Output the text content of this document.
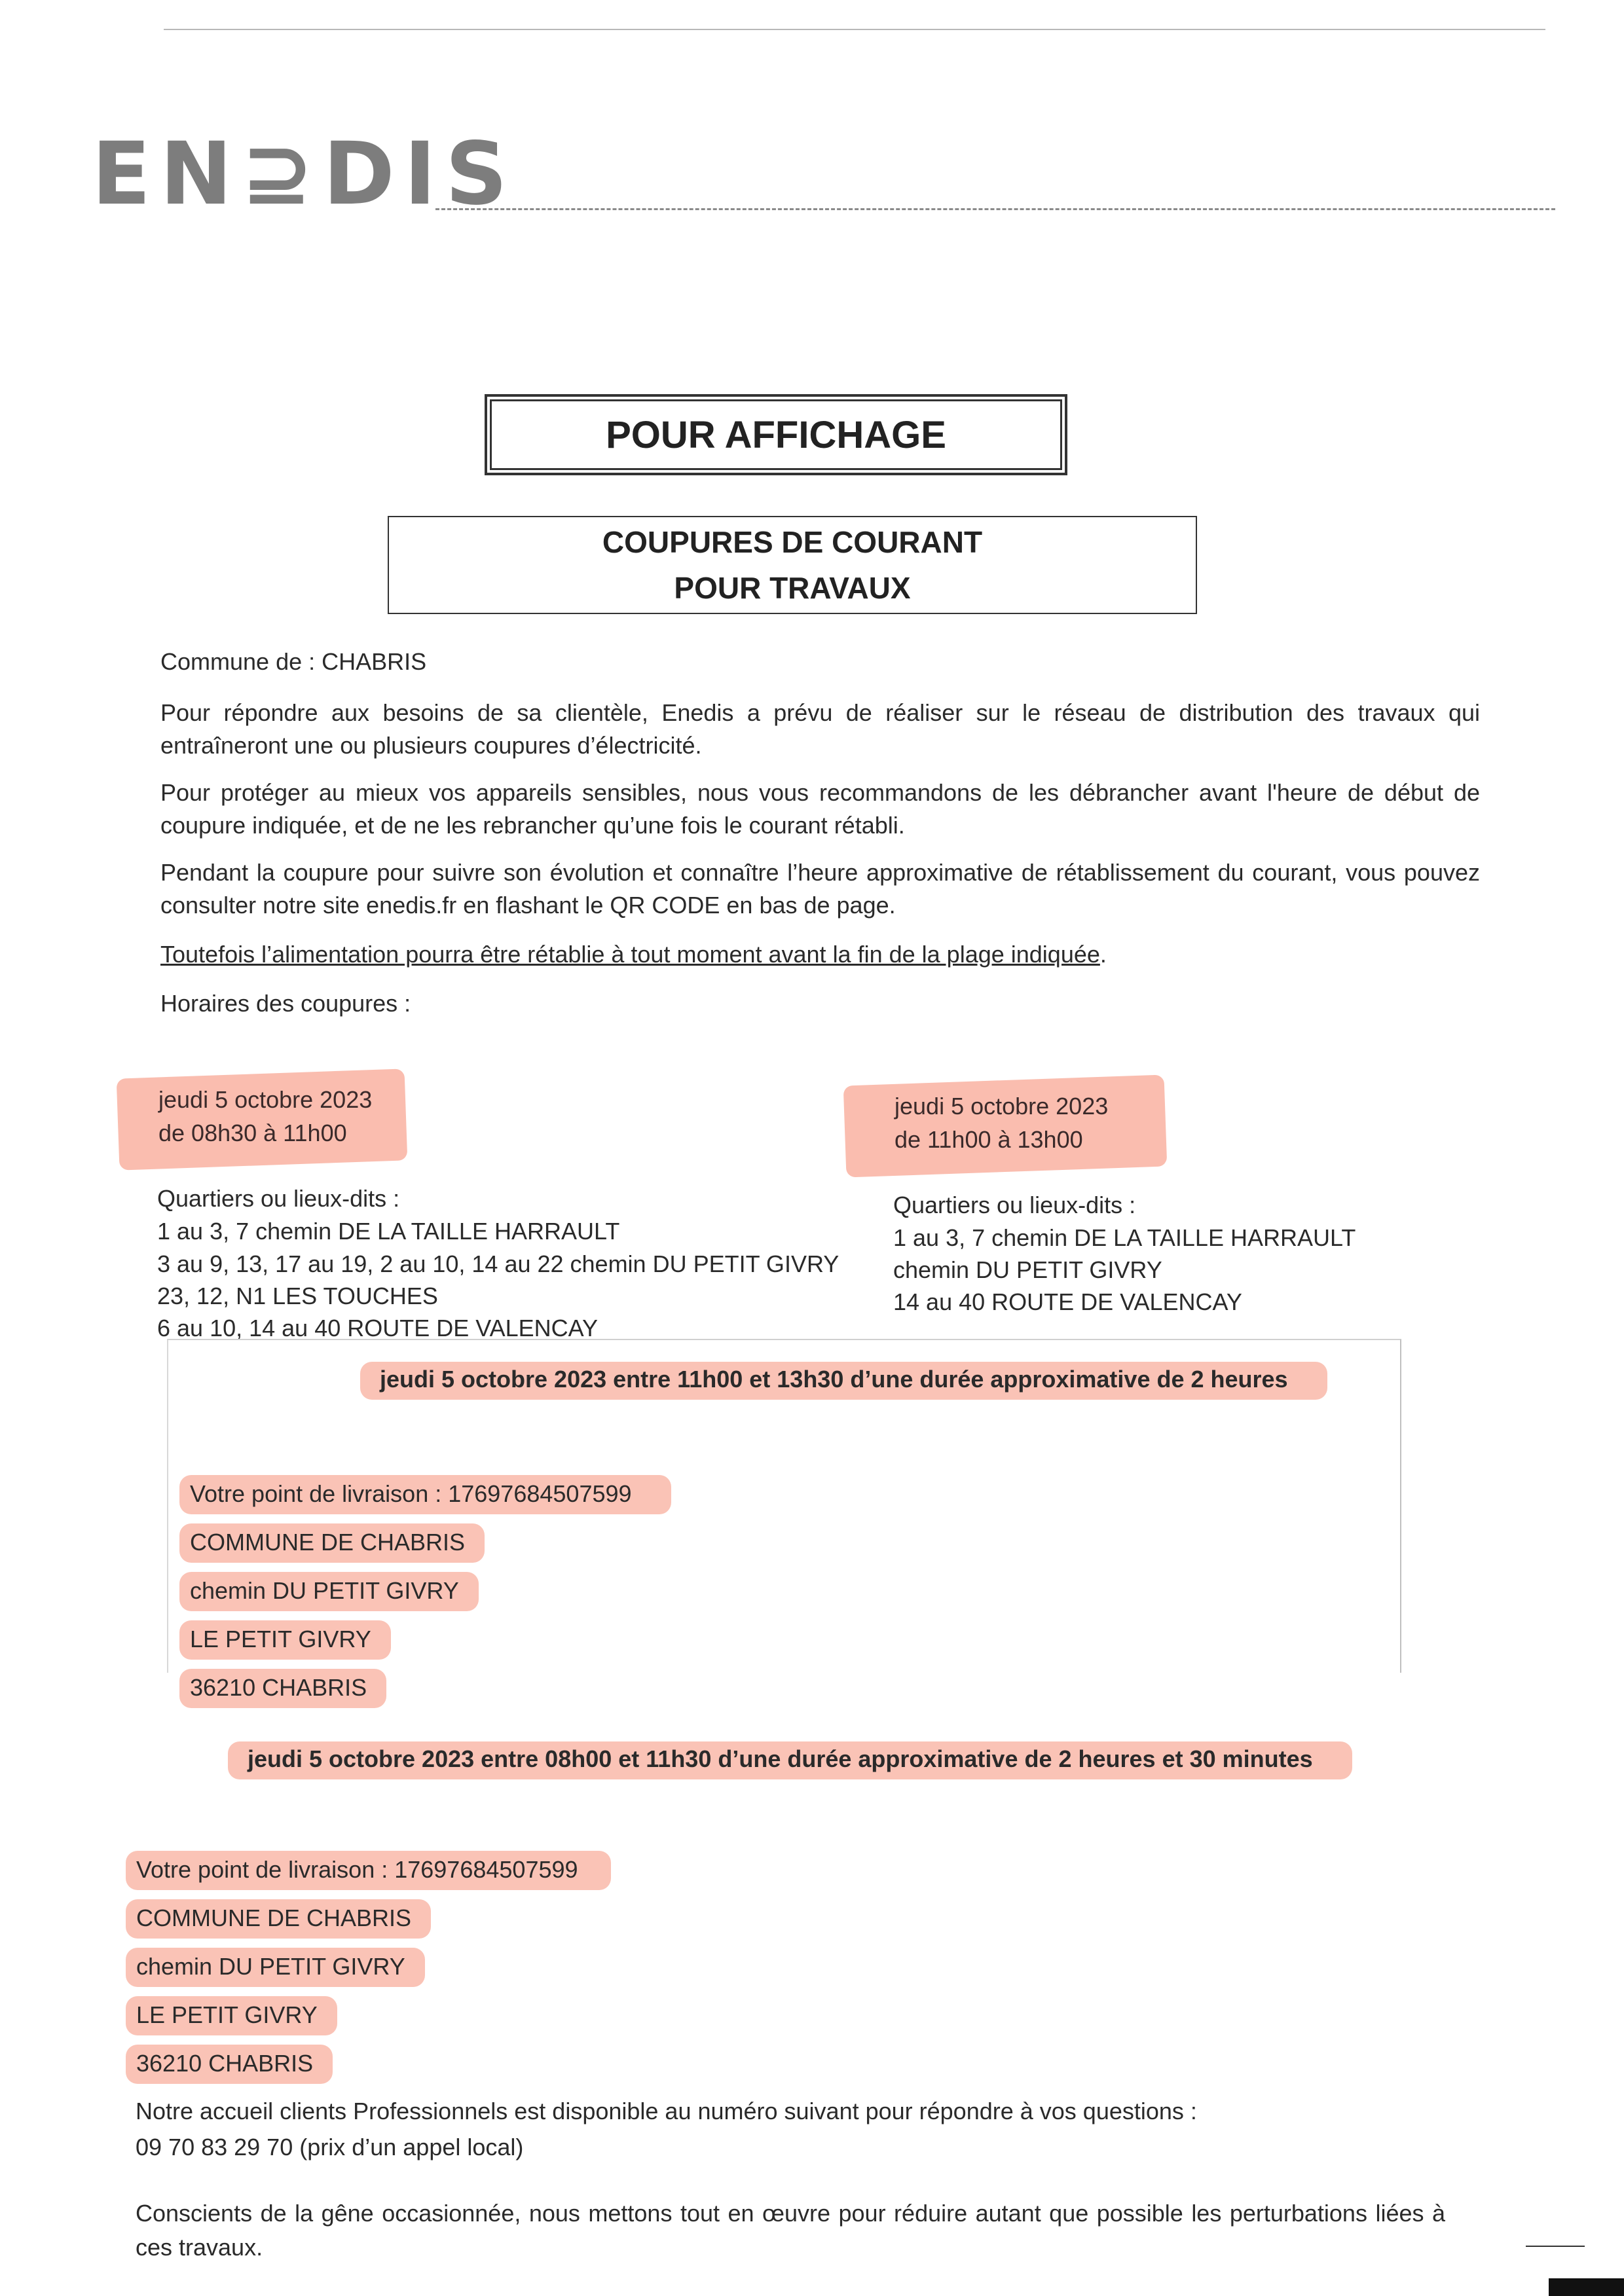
EN⊇DIS
POUR AFFICHAGE
COUPURES DE COURANT
POUR TRAVAUX
Commune de : CHABRIS
Pour répondre aux besoins de sa clientèle, Enedis a prévu de réaliser sur le réseau de distribution des travaux qui entraîneront une ou plusieurs coupures d’électricité.
Pour protéger au mieux vos appareils sensibles, nous vous recommandons de les débrancher avant l'heure de début de coupure indiquée, et de ne les rebrancher qu’une fois le courant rétabli.
Pendant la coupure pour suivre son évolution et connaître l’heure approximative de rétablissement du courant, vous pouvez consulter notre site enedis.fr en flashant le QR CODE en bas de page.
Toutefois l’alimentation pourra être rétablie à tout moment avant la fin de la plage indiquée.
Horaires des coupures :
jeudi 5 octobre 2023
de 08h30 à 11h00
Quartiers ou lieux-dits :
1 au 3, 7 chemin DE LA TAILLE HARRAULT
3 au 9, 13, 17 au 19, 2 au 10, 14 au 22 chemin DU PETIT GIVRY
23, 12, N1 LES TOUCHES
6 au 10, 14 au 40 ROUTE DE VALENCAY
jeudi 5 octobre 2023
de 11h00 à 13h00
Quartiers ou lieux-dits :
1 au 3, 7 chemin DE LA TAILLE HARRAULT
chemin DU PETIT GIVRY
14 au 40 ROUTE DE VALENCAY
jeudi 5 octobre 2023 entre 11h00 et 13h30 d’une durée approximative de 2 heures
Votre point de livraison : 17697684507599
COMMUNE DE CHABRIS
chemin DU PETIT GIVRY
LE PETIT GIVRY
36210 CHABRIS
jeudi 5 octobre 2023 entre 08h00 et 11h30 d’une durée approximative de 2 heures et 30 minutes
Votre point de livraison : 17697684507599
COMMUNE DE CHABRIS
chemin DU PETIT GIVRY
LE PETIT GIVRY
36210 CHABRIS
Notre accueil clients Professionnels est disponible au numéro suivant pour répondre à vos questions :
09 70 83 29 70 (prix d’un appel local)
Conscients de la gêne occasionnée, nous mettons tout en œuvre pour réduire autant que possible les perturbations liées à ces travaux.
